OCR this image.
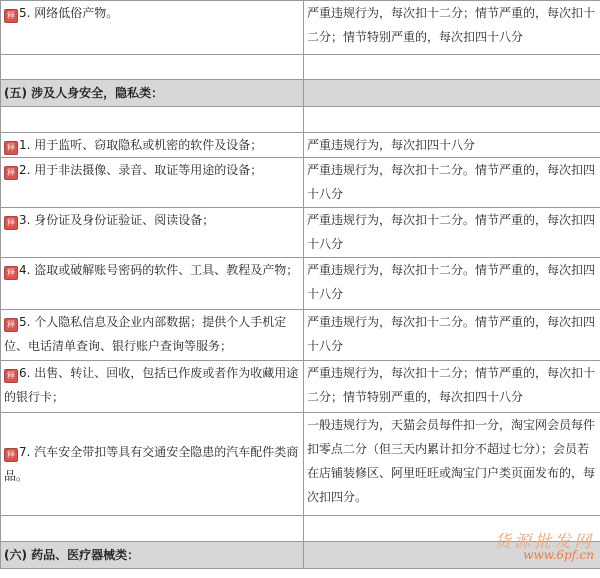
释 5. 网络低俗产物。	严重违规行为，每次扣十二分；情节严重的，每次扣十二分；情节特别严重的，每次扣四十八分

(五) 涉及人身安全，隐私类：	

释 1. 用于监听、窃取隐私或机密的软件及设备；	严重违规行为，每次扣四十八分
释 2. 用于非法摄像、录音、取证等用途的设备；	严重违规行为，每次扣十二分。情节严重的，每次扣四十八分
释 3. 身份证及身份证验证、阅读设备；	严重违规行为，每次扣十二分。情节严重的，每次扣四十八分
释 4. 盗取或破解账号密码的软件、工具、教程及产物；	严重违规行为，每次扣十二分。情节严重的，每次扣四十八分
释 5. 个人隐私信息及企业内部数据；提供个人手机定位、电话清单查询、银行账户查询等服务；	严重违规行为，每次扣十二分。情节严重的，每次扣四十八分
释 6. 出售、转让、回收，包括已作废或者作为收藏用途的银行卡；	严重违规行为，每次扣十二分；情节严重的，每次扣十二分；情节特别严重的，每次扣四十八分
释 7. 汽车安全带扣等具有交通安全隐患的汽车配件类商品。	一般违规行为，天猫会员每件扣一分，淘宝网会员每件扣零点二分（但三天内累计扣分不超过七分）；会员若在店铺装修区、阿里旺旺或淘宝门户类页面发布的，每次扣四分。

(六) 药品、医疗器械类：	
货源批发网
www.6pf.cn
